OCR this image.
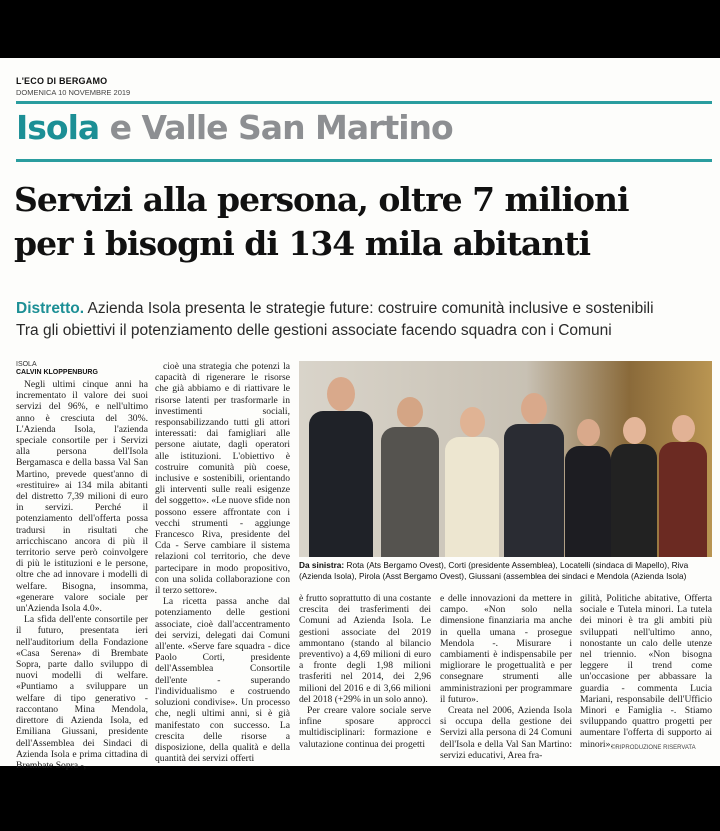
L'ECO DI BERGAMO
DOMENICA 10 NOVEMBRE 2019
Isola e Valle San Martino
Servizi alla persona, oltre 7 milioni
per i bisogni di 134 mila abitanti
Distretto. Azienda Isola presenta le strategie future: costruire comunità inclusive e sostenibili
Tra gli obiettivi il potenziamento delle gestioni associate facendo squadra con i Comuni
ISOLA
CALVIN KLOPPENBURG

Negli ultimi cinque anni ha incrementato il valore dei suoi servizi del 96%, e nell'ultimo anno è cresciuta del 30%. L'Azienda Isola, l'azienda speciale consortile per i Servizi alla persona dell'Isola Bergamasca e della bassa Val San Martino, prevede quest'anno di «restituire» ai 134 mila abitanti del distretto 7,39 milioni di euro in servizi. Perché il potenziamento dell'offerta possa tradursi in risultati che arricchiscano ancora di più il territorio serve però coinvolgere di più le istituzioni e le persone, oltre che ad innovare i modelli di welfare. Bisogna, insomma, «generare valore sociale per un'Azienda Isola 4.0».

La sfida dell'ente consortile per il futuro, presentata ieri nell'auditorium della Fondazione «Casa Serena» di Brembate Sopra, parte dallo sviluppo di nuovi modelli di welfare. «Puntiamo a sviluppare un welfare di tipo generativo - raccontano Mina Mendola, direttore di Azienda Isola, ed Emiliana Giussani, presidente dell'Assemblea dei Sindaci di Azienda Isola e prima cittadina di Brembate Sopra -,

cioè una strategia che potenzi la capacità di rigenerare le risorse che già abbiamo e di riattivare le risorse latenti per trasformarle in investimenti sociali, responsabilizzando tutti gli attori interessati: dai famigliari alle persone aiutate, dagli operatori alle istituzioni. L'obiettivo è costruire comunità più coese, inclusive e sostenibili, orientando gli interventi sulle reali esigenze del soggetto». «Le nuove sfide non possono essere affrontate con i vecchi strumenti - aggiunge Francesco Riva, presidente del Cda - Serve cambiare il sistema relazioni col territorio, che deve partecipare in modo propositivo, con una solida collaborazione con il terzo settore».

La ricetta passa anche dal potenziamento delle gestioni associate, cioè dall'accentramento dei servizi, delegati dai Comuni all'ente. «Serve fare squadra - dice Paolo Corti, presidente dell'Assemblea Consortile dell'ente - superando l'individualismo e costruendo soluzioni condivise». Un processo che, negli ultimi anni, si è già manifestato con successo. La crescita delle risorse a disposizione, della qualità e della quantità dei servizi offerti

Da sinistra: Rota (Ats Bergamo Ovest), Corti (presidente Assemblea), Locatelli (sindaca di Mapello), Riva (Azienda Isola), Pirola (Asst Bergamo Ovest), Giussani (assemblea dei sindaci e Mendola (Azienda Isola)

è frutto soprattutto di una costante crescita dei trasferimenti dei Comuni ad Azienda Isola. Le gestioni associate del 2019 ammontano (stando al bilancio preventivo) a 4,69 milioni di euro a fronte degli 1,98 milioni trasferiti nel 2014, dei 2,96 milioni del 2016 e di 3,66 milioni del 2018 (+29% in un solo anno).

Per creare valore sociale serve infine sposare approcci multidisciplinari: formazione e valutazione continua dei progetti

e delle innovazioni da mettere in campo. «Non solo nella dimensione finanziaria ma anche in quella umana - prosegue Mendola -. Misurare i cambiamenti è indispensabile per migliorare le progettualità e per consegnare strumenti alle amministrazioni per programmare il futuro».

Creata nel 2006, Azienda Isola si occupa della gestione dei Servizi alla persona di 24 Comuni dell'Isola e della Val San Martino: servizi educativi, Area fra-

gilità, Politiche abitative, Offerta sociale e Tutela minori. La tutela dei minori è tra gli ambiti più sviluppati nell'ultimo anno, nonostante un calo delle utenze nel triennio. «Non bisogna leggere il trend come un'occasione per abbassare la guardia - commenta Lucia Mariani, responsabile dell'Ufficio Minori e Famiglia -. Stiamo sviluppando quattro progetti per aumentare l'offerta di supporto ai minori».

©RIPRODUZIONE RISERVATA
